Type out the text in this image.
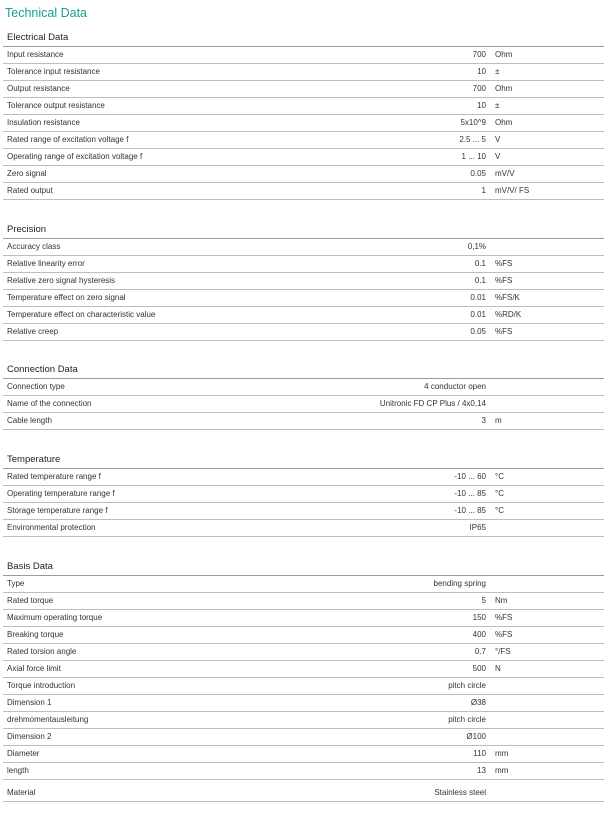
Technical Data
Electrical Data
Input resistance	700 Ohm
Tolerance input resistance	10 ±
Output resistance	700 Ohm
Tolerance output resistance	10 ±
Insulation resistance	5x10^9 Ohm
Rated range of excitation voltage f	2.5 ... 5 V
Operating range of excitation voltage f	1 ... 10 V
Zero signal	0.05 mV/V
Rated output	1 mV/V/ FS
Precision
Accuracy class	0,1%
Relative linearity error	0.1 %FS
Relative zero signal hysteresis	0.1 %FS
Temperature effect on zero signal	0.01 %FS/K
Temperature effect on characteristic value	0.01 %RD/K
Relative creep	0.05 %FS
Connection Data
Connection type	4 conductor open
Name of the connection	Unitronic FD CP Plus / 4x0,14
Cable length	3 m
Temperature
Rated temperature range f	-10 ... 60 °C
Operating temperature range f	-10 ... 85 °C
Storage temperature range f	-10 ... 85 °C
Environmental protection	IP65
Basis Data
Type	bending spring
Rated torque	5 Nm
Maximum operating torque	150 %FS
Breaking torque	400 %FS
Rated torsion angle	0.7 °/FS
Axial force limit	500 N
Torque introduction	pitch circle
Dimension 1	Ø38
drehmomentausleitung	pitch circle
Dimension 2	Ø100
Diameter	110 mm
length	13 mm
Material	Stainless steel
